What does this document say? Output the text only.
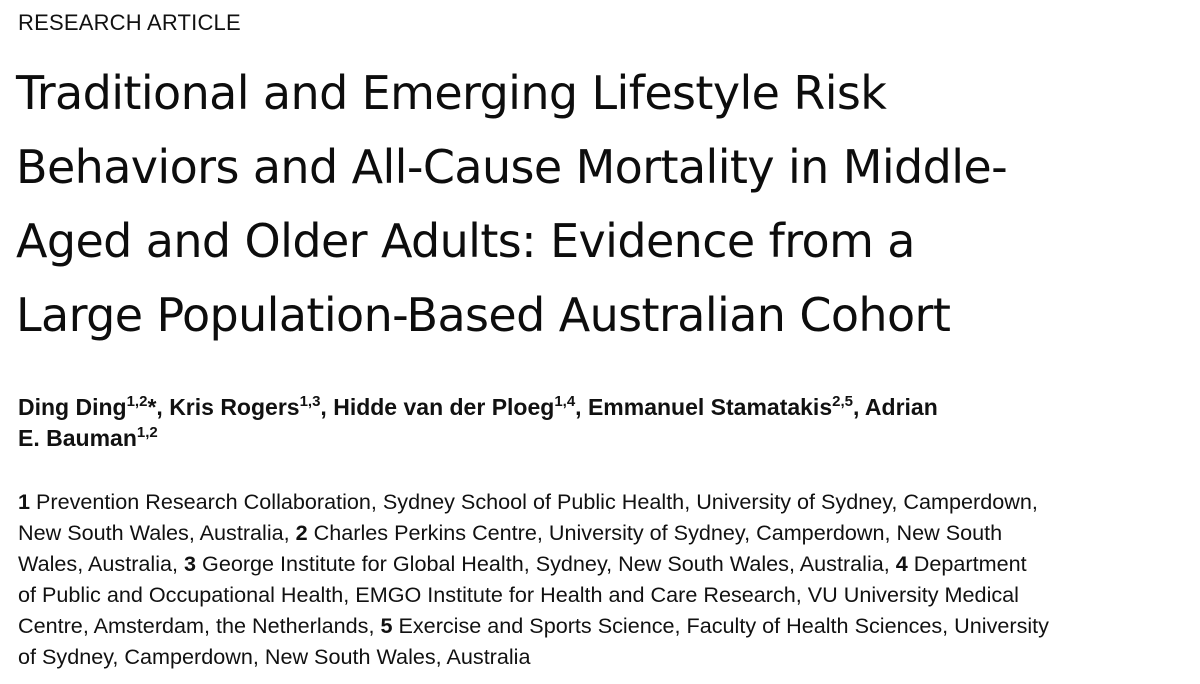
RESEARCH ARTICLE
Traditional and Emerging Lifestyle Risk
Behaviors and All-Cause Mortality in Middle-
Aged and Older Adults: Evidence from a
Large Population-Based Australian Cohort
Ding Ding$^{1,2}$*, Kris Rogers$^{1,3}$, Hidde van der Ploeg$^{1,4}$, Emmanuel Stamatakis$^{2,5}$, Adrian
E. Bauman$^{1,2}$
1 Prevention Research Collaboration, Sydney School of Public Health, University of Sydney, Camperdown,
New South Wales, Australia, 2 Charles Perkins Centre, University of Sydney, Camperdown, New South
Wales, Australia, 3 George Institute for Global Health, Sydney, New South Wales, Australia, 4 Department
of Public and Occupational Health, EMGO Institute for Health and Care Research, VU University Medical
Centre, Amsterdam, the Netherlands, 5 Exercise and Sports Science, Faculty of Health Sciences, University
of Sydney, Camperdown, New South Wales, Australia
